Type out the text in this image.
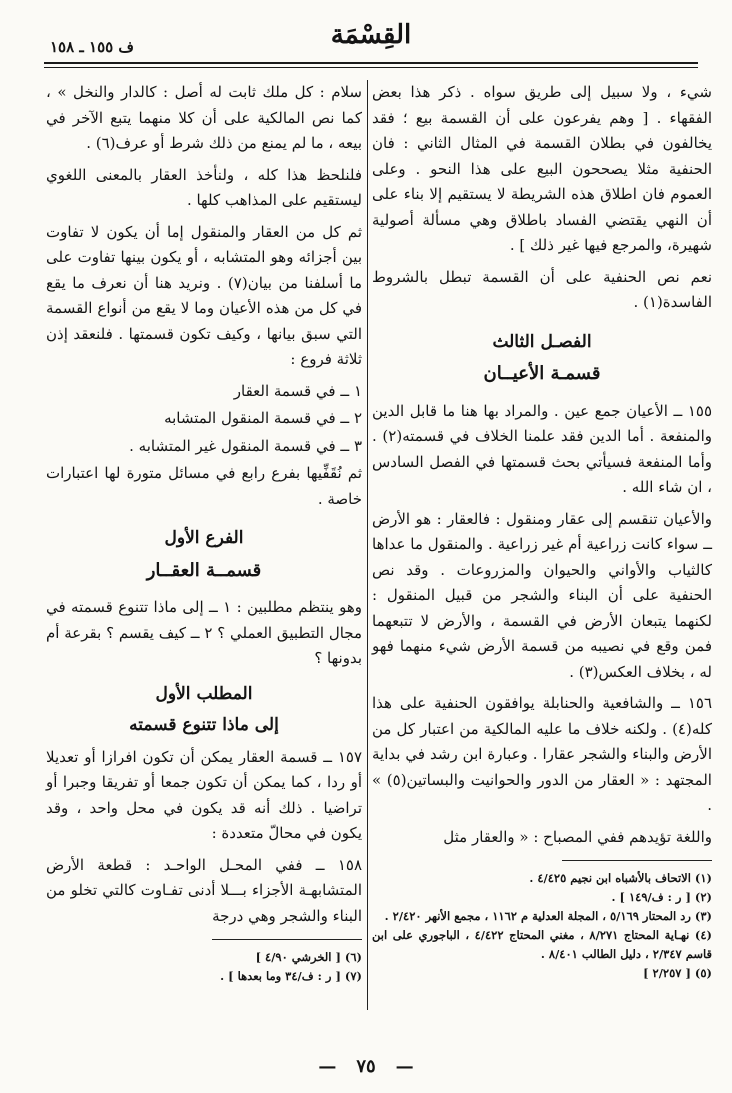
القِسْمَة
ف ١٥٥ ـ ١٥٨

شيء ، ولا سبيل إلى طريق سواه . ذكر هذا بعض الفقهاء . [ وهم يفرعون على أن القسمة بيع ؛ فقد يخالفون في بطلان القسمة في المثال الثاني : فان الحنفية مثلا يصححون البيع على هذا النحو . وعلى العموم فان اطلاق هذه الشريطة لا يستقيم إلا بناء على أن النهي يقتضي الفساد باطلاق وهي مسألة أصولية شهيرة، والمرجع فيها غير ذلك ] .

نعم نص الحنفية على أن القسمة تبطل بالشروط الفاسدة(١) .

الفصـل الثالث
قسمـة الأعيــان

١٥٥ ــ الأعيان جمع عين . والمراد بها هنا ما قابل الدين والمنفعة . أما الدين فقد علمنا الخلاف في قسمته(٢) . وأما المنفعة فسيأتي بحث قسمتها في الفصل السادس ، ان شاء الله .

والأعيان تنقسم إلى عقار ومنقول : فالعقار : هو الأرض ــ سواء كانت زراعية أم غير زراعية . والمنقول ما عداها كالثياب والأواني والحيوان والمزروعات . وقد نص الحنفية على أن البناء والشجر من قبيل المنقول : لكنهما يتبعان الأرض في القسمة ، والأرض لا تتبعهما فمن وقع في نصيبه من قسمة الأرض شيء منهما فهو له ، بخلاف العكس(٣) .

١٥٦ ــ والشافعية والحنابلة يوافقون الحنفية على هذا كله(٤) . ولكنه خلاف ما عليه المالكية من اعتبار كل من الأرض والبناء والشجر عقارا . وعبارة ابن رشد في بداية المجتهد : « العقار من الدور والحوانيت والبساتين(٥) » .

واللغة تؤيدهم ففي المصباح : « والعقار مثل

(١) الاتحاف بالأشباه ابن نجيم ٤/٤٢٥ .
(٢) [ ر : ف/١٤٩ ] .
(٣) رد المحتار ٥/١٦٩ ، المجلة العدلية م ١١٦٢ ، مجمع الأنهر ٢/٤٢٠ .
(٤) نهـاية المحتاج ٨/٢٧١ ، مغني المحتاج ٤/٤٢٢ ، الباجوري على ابن قاسم ٢/٣٤٧ ، دليل الطالب ٨/٤٠١ .
(٥) [ ٢/٢٥٧ ]

سلام : كل ملك ثابت له أصل : كالدار والنخل » ، كما نص المالكية على أن كلا منهما يتبع الآخر في بيعه ، ما لم يمنع من ذلك شرط أو عرف(٦) .

فلنلحظ هذا كله ، ولنأخذ العقار بالمعنى اللغوي ليستقيم على المذاهب كلها .

ثم كل من العقار والمنقول إما أن يكون لا تفاوت بين أجزائه وهو المتشابه ، أو يكون بينها تفاوت على ما أسلفنا من بيان(٧) . ونريد هنا أن نعرف ما يقع في كل من هذه الأعيان وما لا يقع من أنواع القسمة التي سبق بيانها ، وكيف تكون قسمتها . فلنعقد إذن ثلاثة فروع :

١ ــ في قسمة العقار

٢ ــ في قسمة المنقول المتشابه

٣ ــ في قسمة المنقول غير المتشابه .

ثم نُقَفِّيها بفرع رابع في مسائل متورة لها اعتبارات خاصة .

الفرع الأول
قسمــة العقــار

وهو ينتظم مطلبين : ١ ــ إلى ماذا تتنوع قسمته في مجال التطبيق العملي ؟ ٢ ــ كيف يقسم ؟ بقرعة أم بدونها ؟

المطلب الأول
إلى ماذا تتنوع قسمته

١٥٧ ــ قسمة العقار يمكن أن تكون افرازا أو تعديلا أو ردا ، كما يمكن أن تكون جمعا أو تفريقا وجبرا أو تراضيا . ذلك أنه قد يكون في محل واحد ، وقد يكون في محالّ متعددة :

١٥٨ ــ ففي المحـل الواحـد : قطعة الأرض المتشابهـة الأجزاء بـــلا أدنى تفـاوت كالتي تخلو من البناء والشجر وهي درجة

(٦) [ الخرشي ٤/٩٠ ]
(٧) [ ر : ف/٣٤ وما بعدها ] .
—٧٥—
